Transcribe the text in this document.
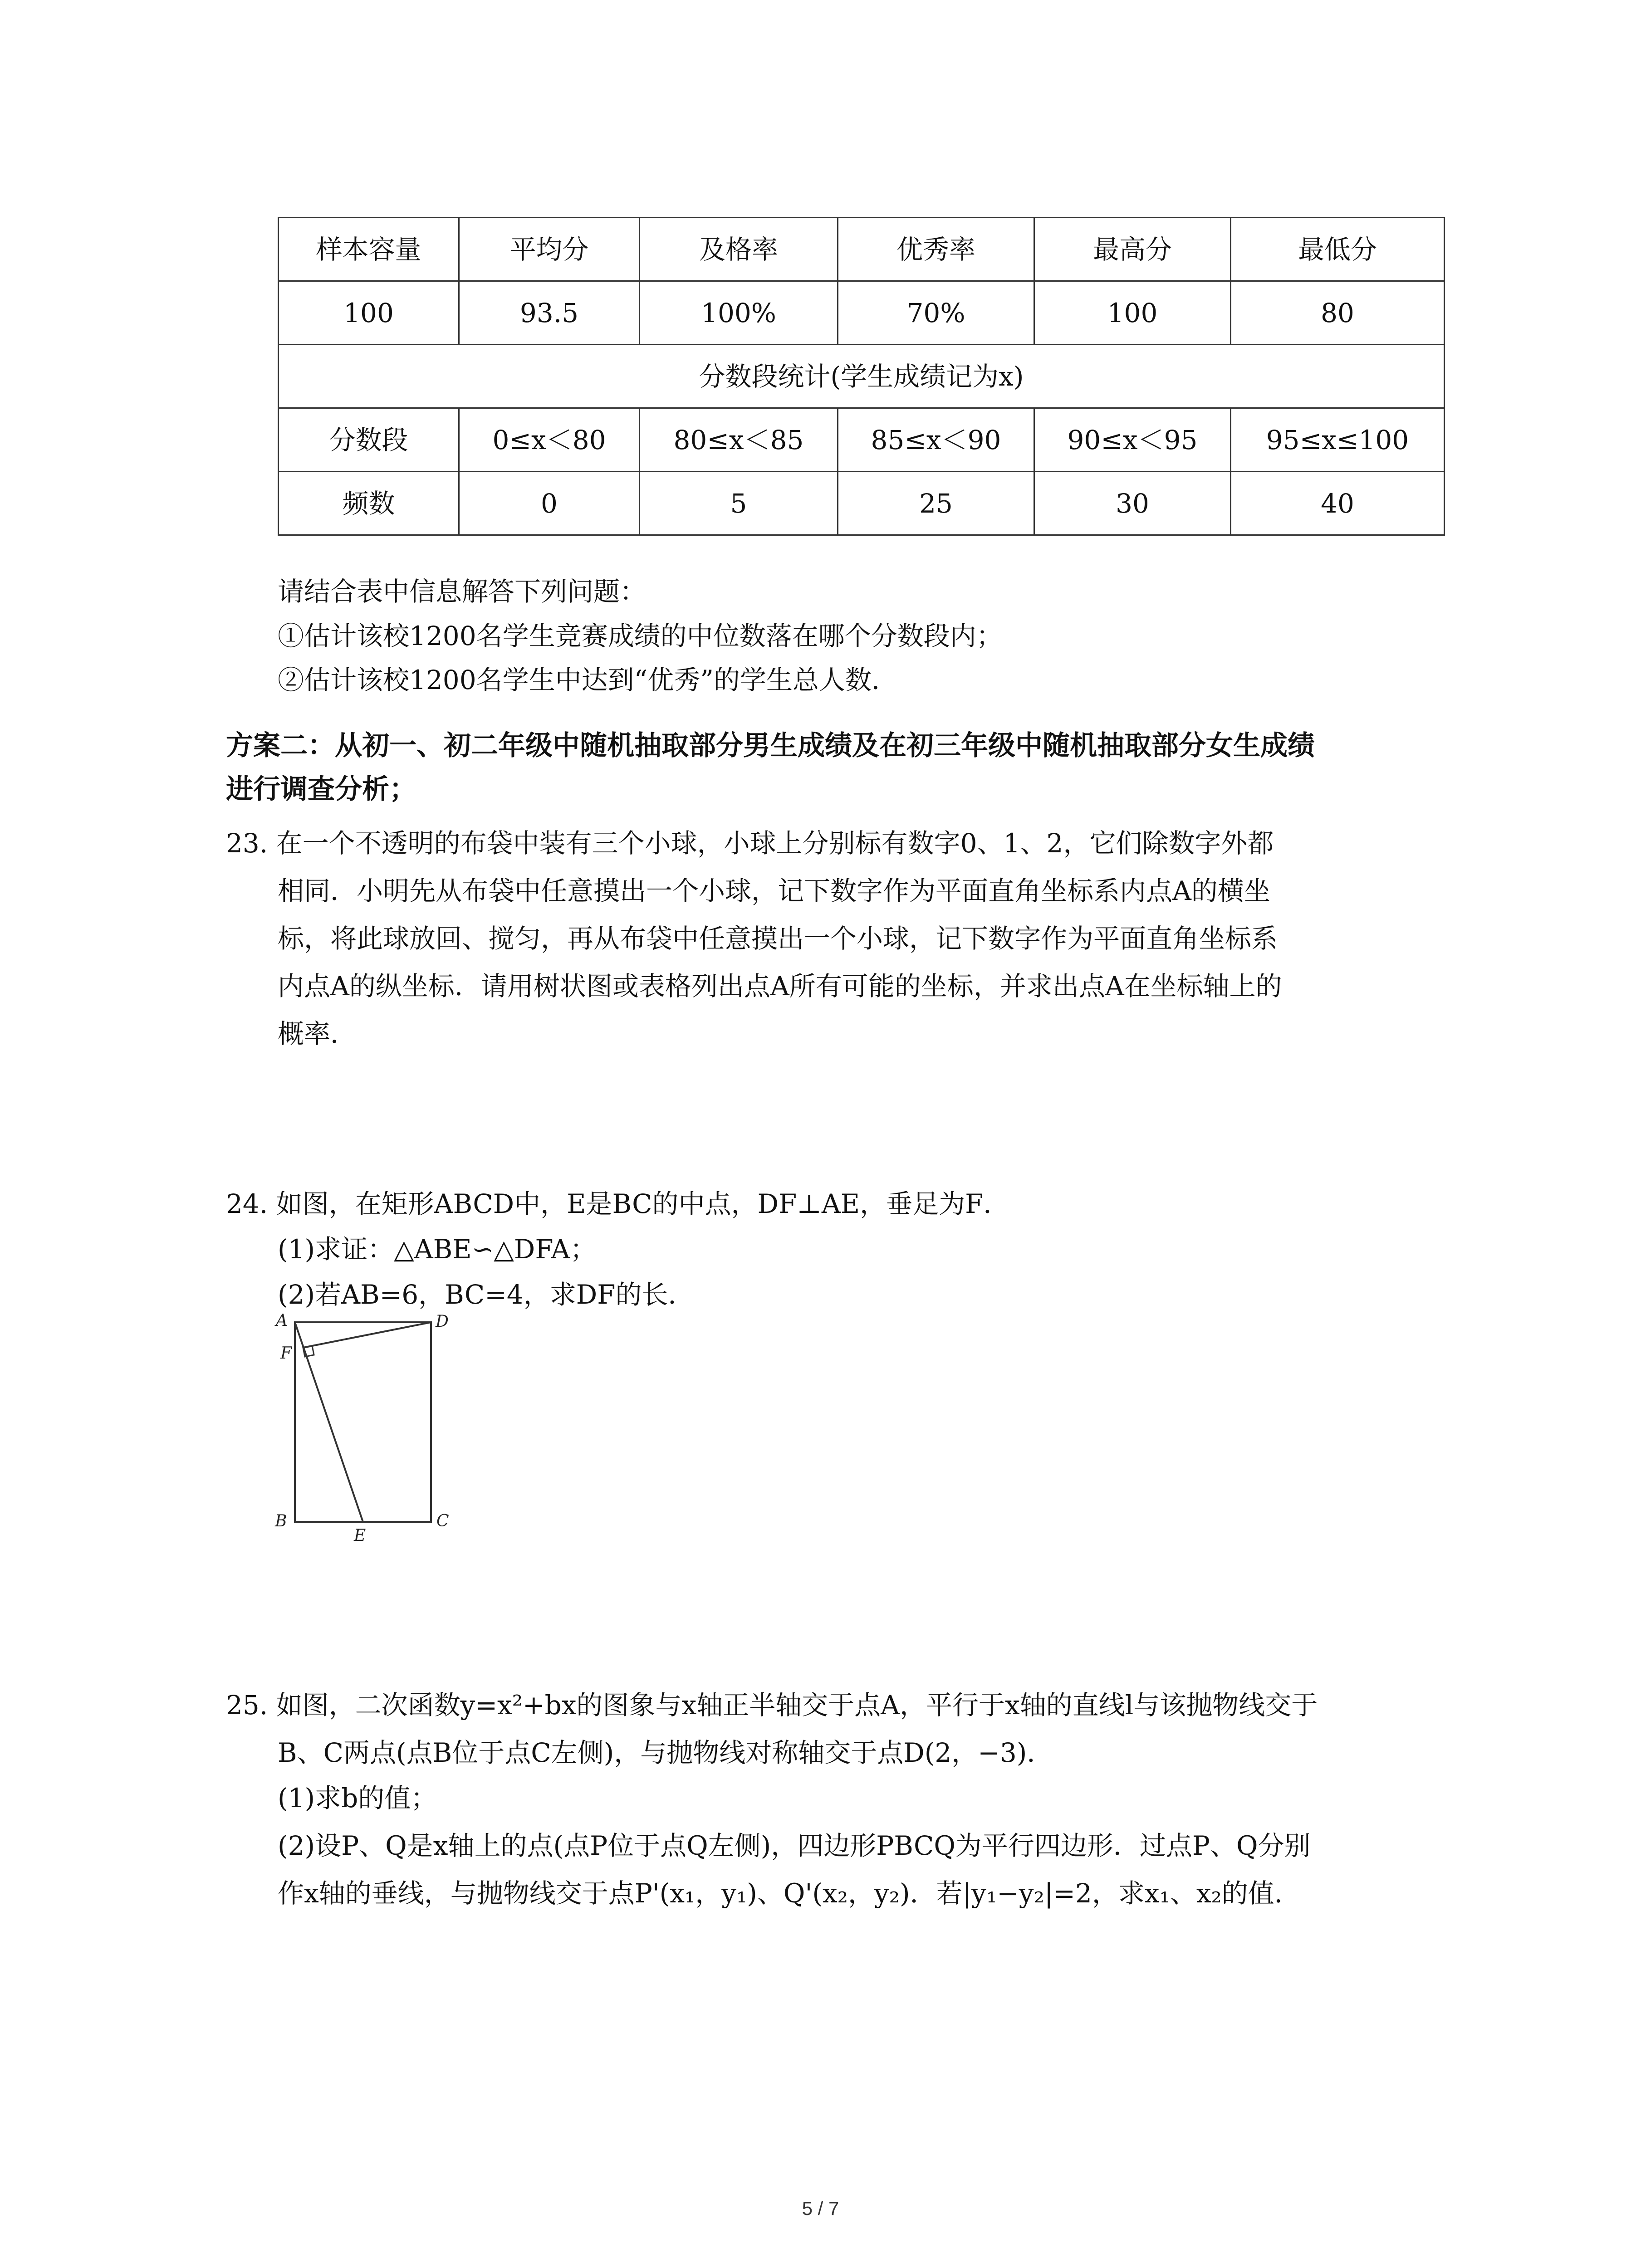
样本容量	平均分	及格率	优秀率	最高分	最低分
100	93.5	100%	70%	100	80
分数段统计(学生成绩记为x)					
分数段	0≤x＜80	80≤x＜85	85≤x＜90	90≤x＜95	95≤x≤100
频数	0	5	25	30	40
请结合表中信息解答下列问题：
①估计该校1200名学生竞赛成绩的中位数落在哪个分数段内；
②估计该校1200名学生中达到“优秀”的学生总人数．
方案二：从初一、初二年级中随机抽取部分男生成绩及在初三年级中随机抽取部分女生成绩
进行调查分析；
23. 在一个不透明的布袋中装有三个小球，小球上分别标有数字0、1、2，它们除数字外都
相同．小明先从布袋中任意摸出一个小球，记下数字作为平面直角坐标系内点A的横坐
标，将此球放回、搅匀，再从布袋中任意摸出一个小球，记下数字作为平面直角坐标系
内点A的纵坐标．请用树状图或表格列出点A所有可能的坐标，并求出点A在坐标轴上的
概率．
24. 如图，在矩形ABCD中，E是BC的中点，DF⊥AE，垂足为F．
(1)求证：△ABE∽△DFA；
(2)若AB=6，BC=4，求DF的长．
A	D
F
B	C
E
25. 如图，二次函数y=x²+bx的图象与x轴正半轴交于点A，平行于x轴的直线l与该抛物线交于
B、C两点(点B位于点C左侧)，与抛物线对称轴交于点D(2，−3)．
(1)求b的值；
(2)设P、Q是x轴上的点(点P位于点Q左侧)，四边形PBCQ为平行四边形．过点P、Q分别
作x轴的垂线，与抛物线交于点P'(x₁，y₁)、Q'(x₂，y₂)．若|y₁−y₂|=2，求x₁、x₂的值．
5 / 7
